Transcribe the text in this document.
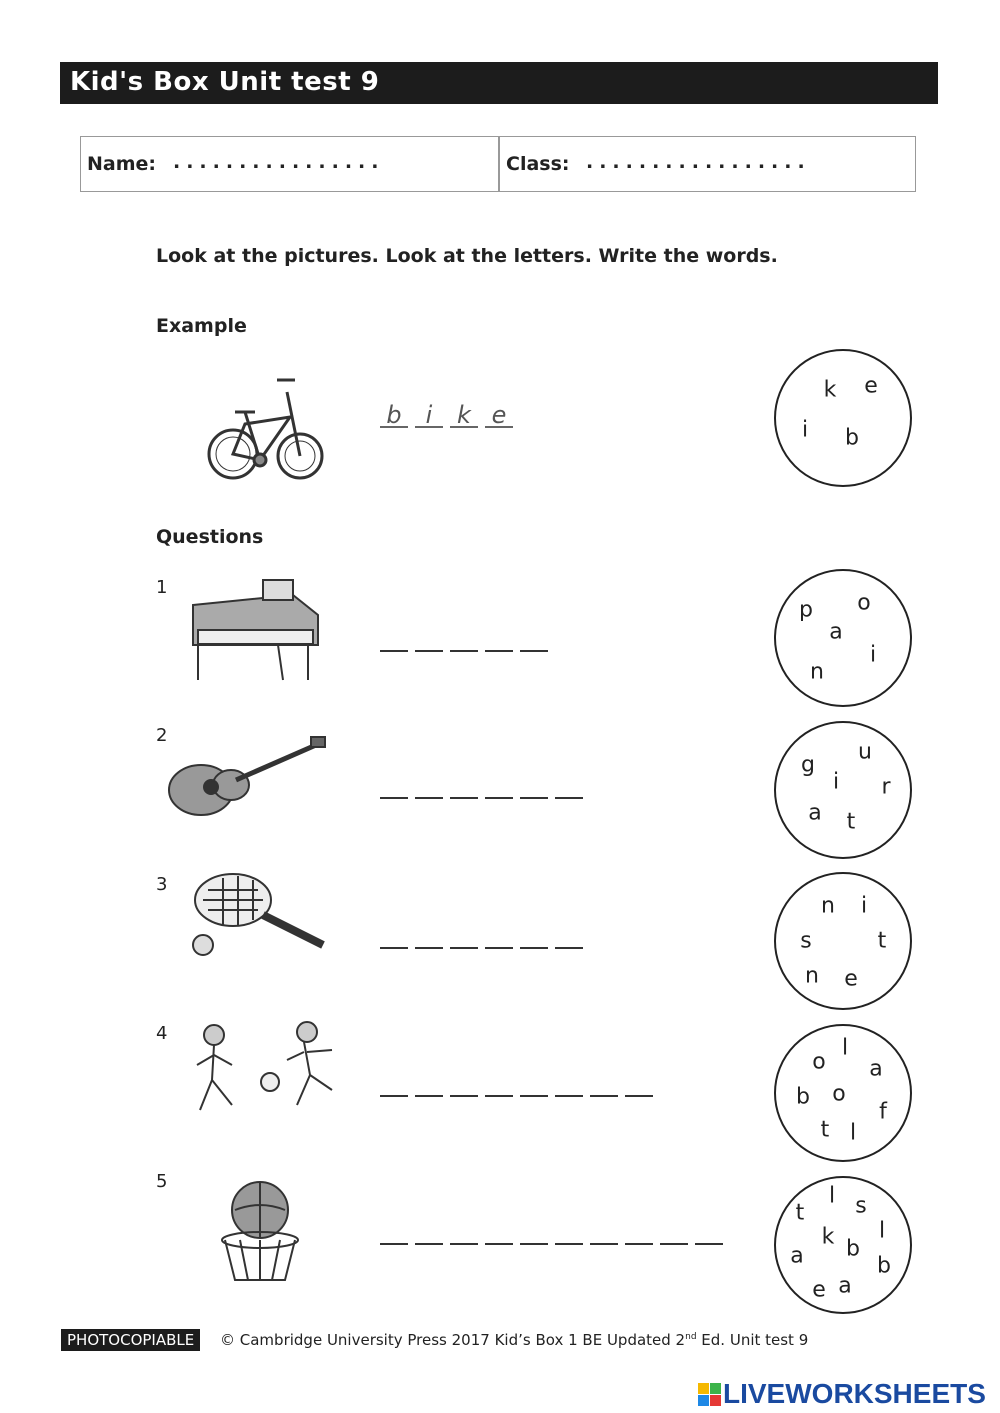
Kid's Box Unit test 9
Name: ................	Class: .................
Look at the pictures. Look at the letters. Write the words.
Example
b	i	k e
k e
i b
Questions
1
p o
a
i
n
2
g
u
i r
a t
3
n i
s	t
n e
4
l
o a
b o
f
t l
5
l s
t
k l
b
a	b
e a
PHOTOCOPIABLE	© Cambridge University Press 2017 Kid’s Box 1 BE Updated 2nd Ed. Unit test 9
LIVEWORKSHEETS
